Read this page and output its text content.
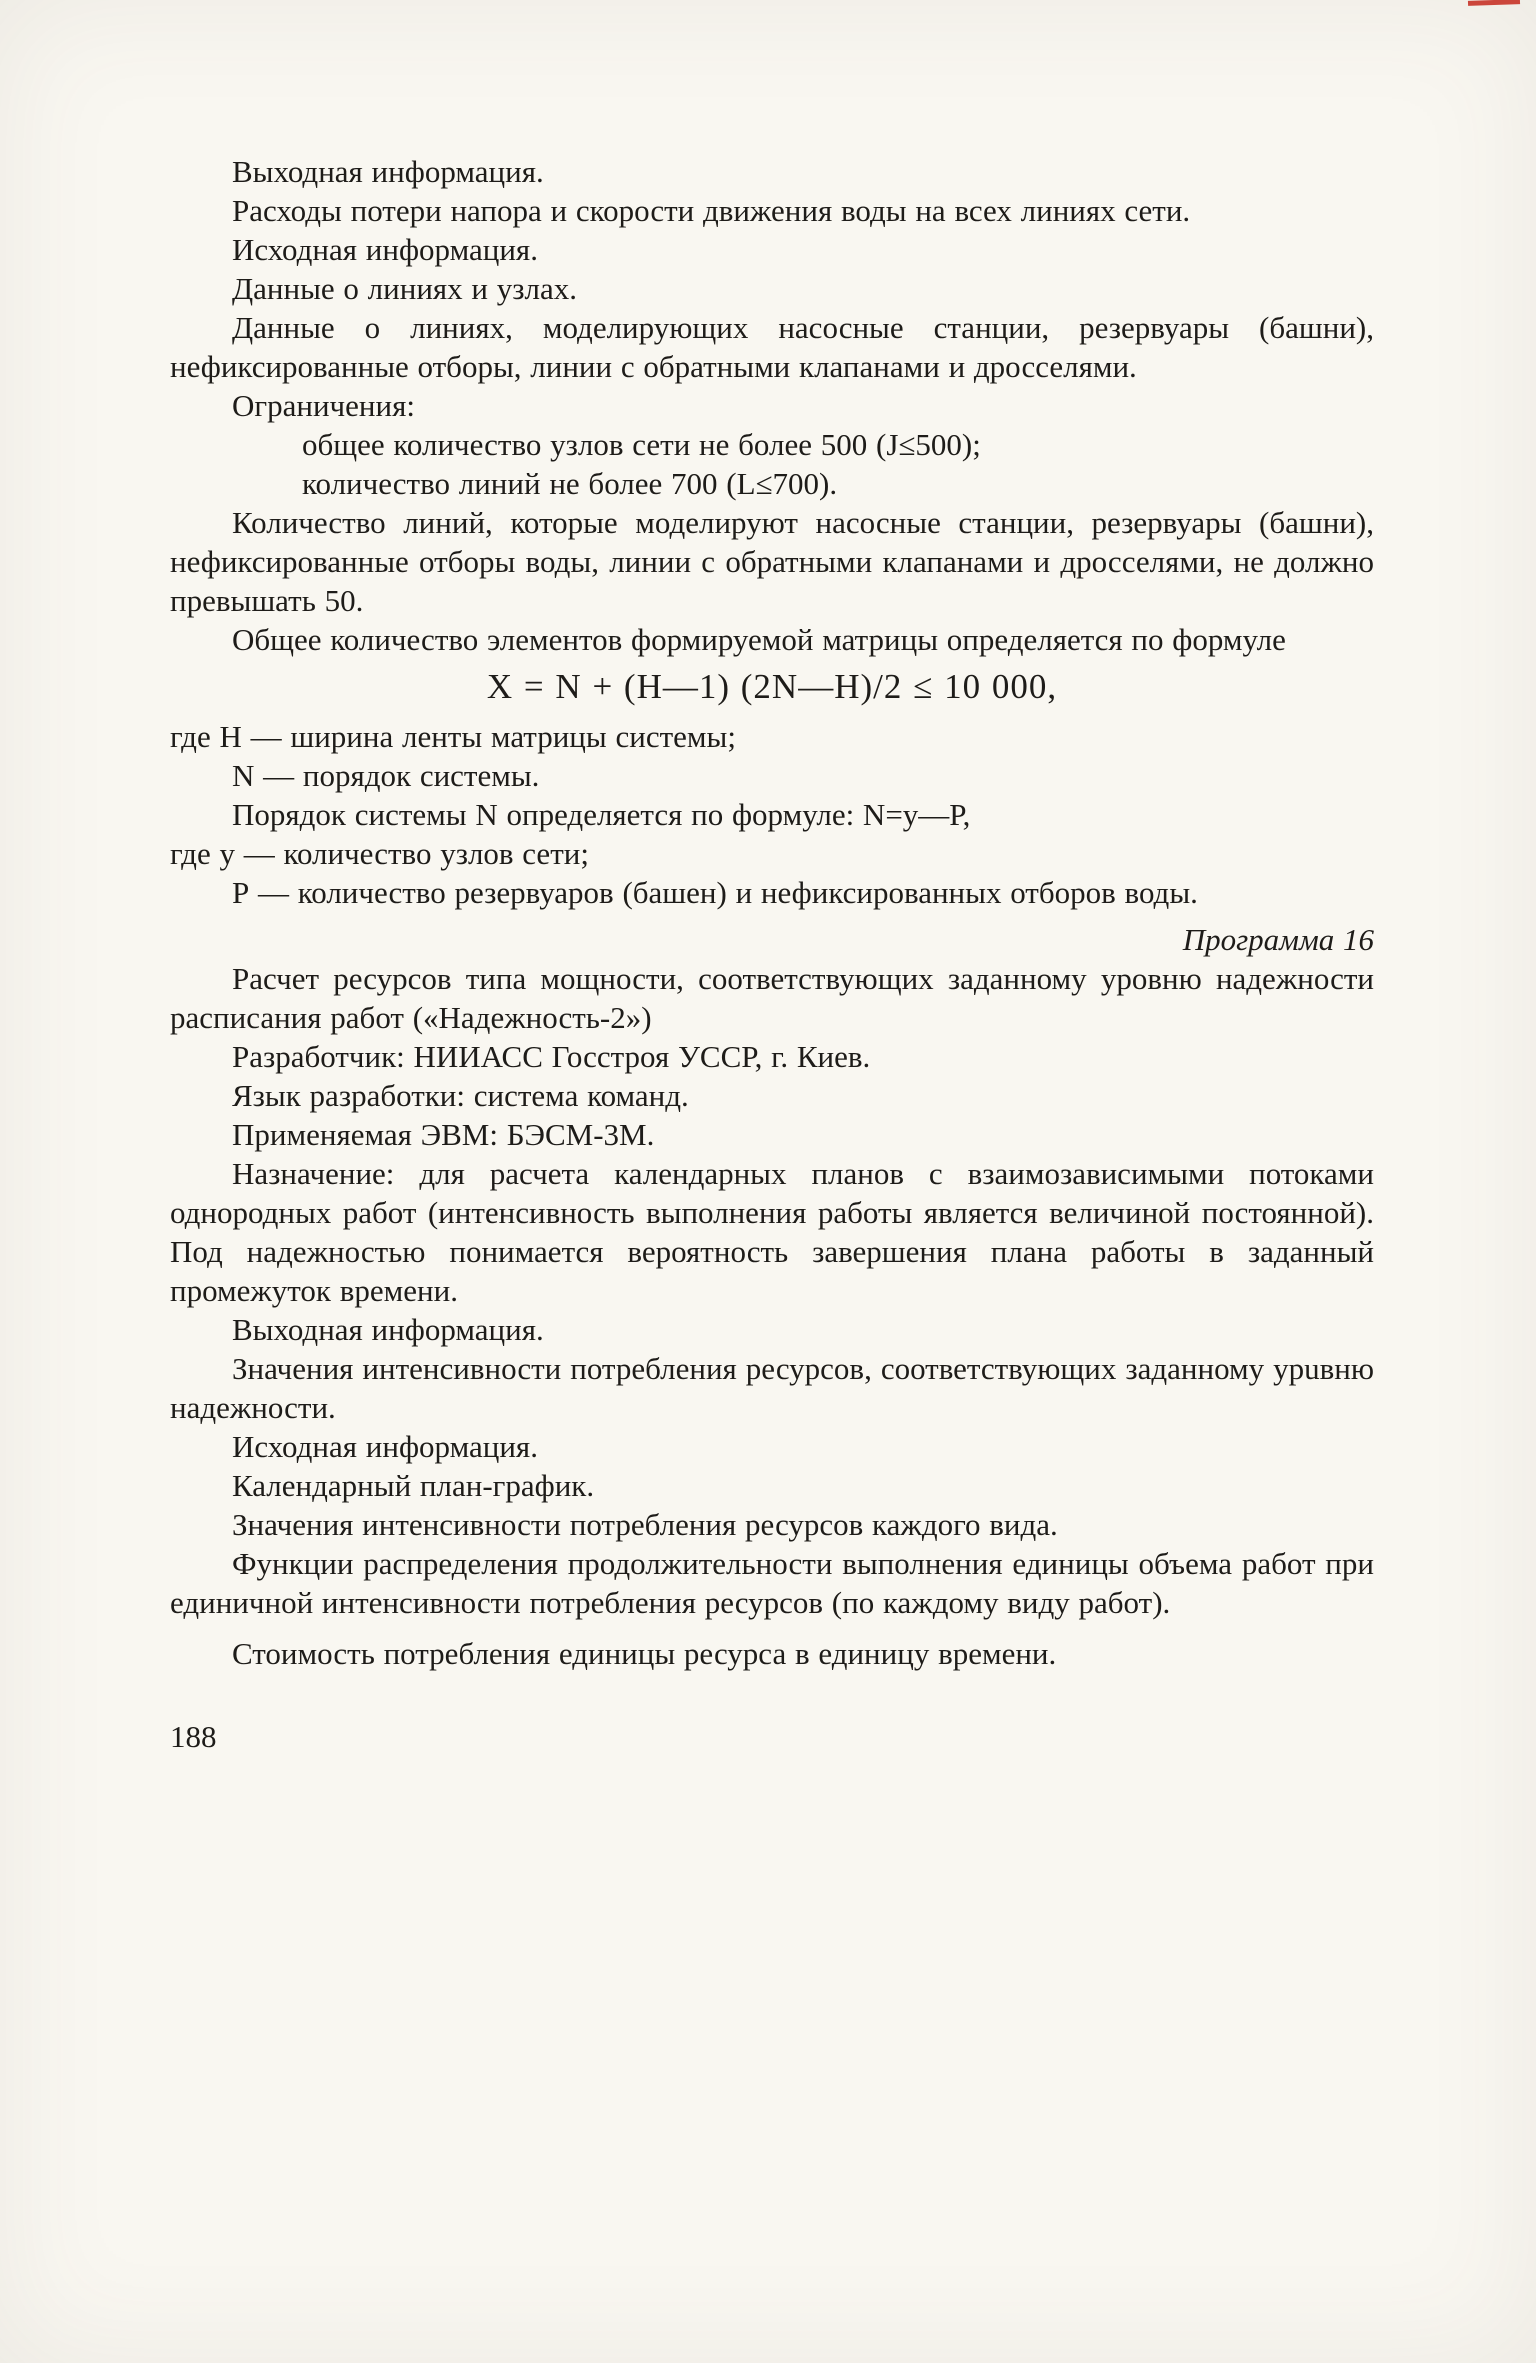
Выходная информация.

Расходы потери напора и скорости движения воды на всех линиях сети.

Исходная информация.

Данные о линиях и узлах.

Данные о линиях, моделирующих насосные станции, резервуары (башни), нефиксированные отборы, линии с обратными клапанами и дросселями.

Ограничения:

общее количество узлов сети не более 500 (J≤500);

количество линий не более 700 (L≤700).

Количество линий, которые моделируют насосные станции, резервуары (башни), нефиксированные отборы воды, линии с обратными клапанами и дросселями, не должно превышать 50.

Общее количество элементов формируемой матрицы определяется по формуле

X = N + (H—1) (2N—H)/2 ≤ 10 000,

где Н — ширина ленты матрицы системы;

N — порядок системы.

Порядок системы N определяется по формуле: N=у—Р,

где у — количество узлов сети;

Р — количество резервуаров (башен) и нефиксированных отборов воды.

Программа 16

Расчет ресурсов типа мощности, соответствующих заданному уровню надежности расписания работ («Надежность-2»)

Разработчик: НИИАСС Госстроя УССР, г. Киев.

Язык разработки: система команд.

Применяемая ЭВМ: БЭСМ-3М.

Назначение: для расчета календарных планов с взаимозависимыми потоками однородных работ (интенсивность выполнения работы является величиной постоянной). Под надежностью понимается вероятность завершения плана работы в заданный промежуток времени.

Выходная информация.

Значения интенсивности потребления ресурсов, соответствующих заданному урuвню надежности.

Исходная информация.

Календарный план-график.

Значения интенсивности потребления ресурсов каждого вида.

Функции распределения продолжительности выполнения единицы объема работ при единичной интенсивности потребления ресурсов (по каждому виду работ).

Стоимость потребления единицы ресурса в единицу времени.

188
